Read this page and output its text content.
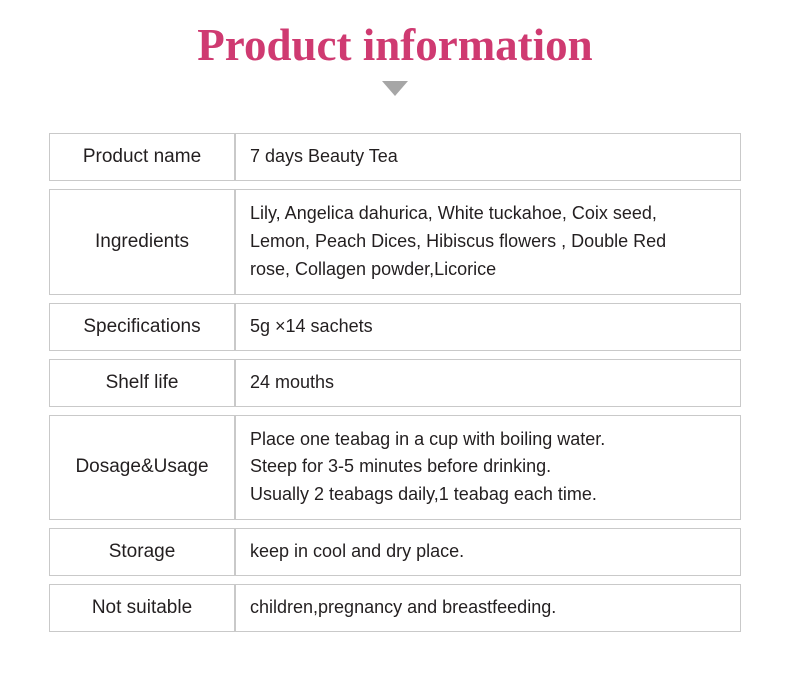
Product information
Product name	7 days Beauty Tea

Ingredients	Lily, Angelica dahurica, White tuckahoe, Coix seed,
Lemon, Peach Dices, Hibiscus flowers , Double Red
rose, Collagen powder,Licorice

Specifications	5g ×14 sachets

Shelf life	24 mouths

Dosage&Usage	Place one teabag in a cup with boiling water.
Steep for 3-5 minutes before drinking.
Usually 2 teabags daily,1 teabag each time.

Storage	keep in cool and dry place.

Not suitable	children,pregnancy and breastfeeding.
